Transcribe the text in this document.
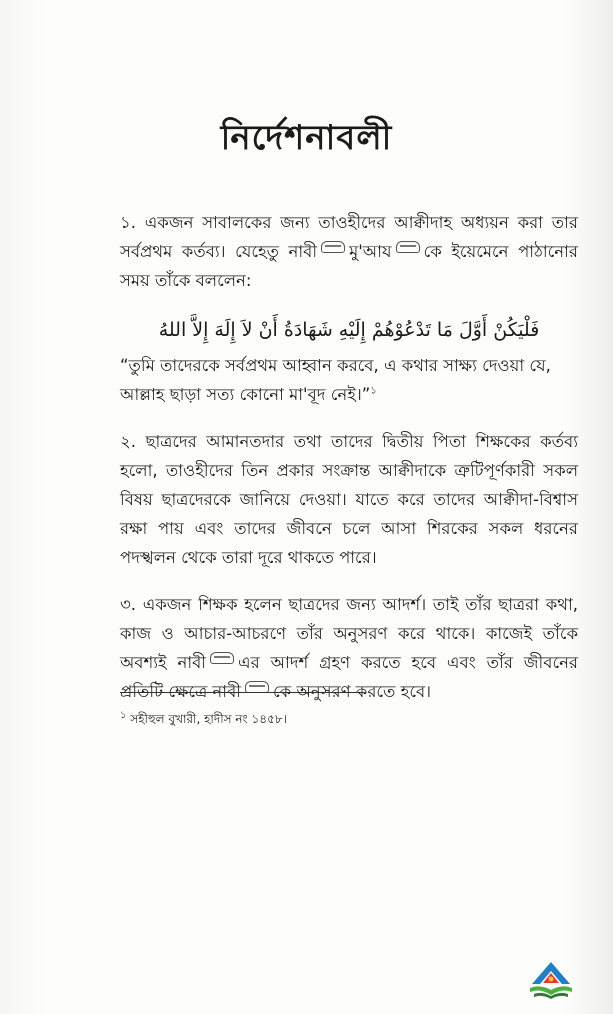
নির্দেশনাবলী

১. একজন সাবালকের জন্য তাওহীদের আক্বীদাহ অধ্যয়ন করা তার সর্বপ্রথম কর্তব্য। যেহেতু নাবী মু'আয কে ইয়েমেনে পাঠানোর সময় তাঁকে বললেন:

فَلْيَكُنْ أَوَّلَ مَا تَدْعُوْهُمْ إِلَيْهِ شَهَادَةُ أَنْ لاَ إِلَهَ إِلاَّ اللهُ

“তুমি তাদেরকে সর্বপ্রথম আহ্বান করবে, এ কথার সাক্ষ্য দেওয়া যে, আল্লাহ ছাড়া সত্য কোনো মা'বূদ নেই।”$^১$

২. ছাত্রদের আমানতদার তথা তাদের দ্বিতীয় পিতা শিক্ষকের কর্তব্য হলো, তাওহীদের তিন প্রকার সংক্রান্ত আক্বীদাকে ত্রুটিপূর্ণকারী সকল বিষয় ছাত্রদেরকে জানিয়ে দেওয়া। যাতে করে তাদের আক্বীদা-বিশ্বাস রক্ষা পায় এবং তাদের জীবনে চলে আসা শিরকের সকল ধরনের পদস্খলন থেকে তারা দূরে থাকতে পারে।

৩. একজন শিক্ষক হলেন ছাত্রদের জন্য আদর্শ। তাই তাঁর ছাত্ররা কথা, কাজ ও আচার-আচরণে তাঁর অনুসরণ করে থাকে। কাজেই তাঁকে অবশ্যই নাবী এর আদর্শ গ্রহণ করতে হবে এবং তাঁর জীবনের প্রতিটি ক্ষেত্রে নাবী কে অনুসরণ করতে হবে।

$^১$ সহীহুল বুখারী, হাদীস নং ১৪৫৮।
